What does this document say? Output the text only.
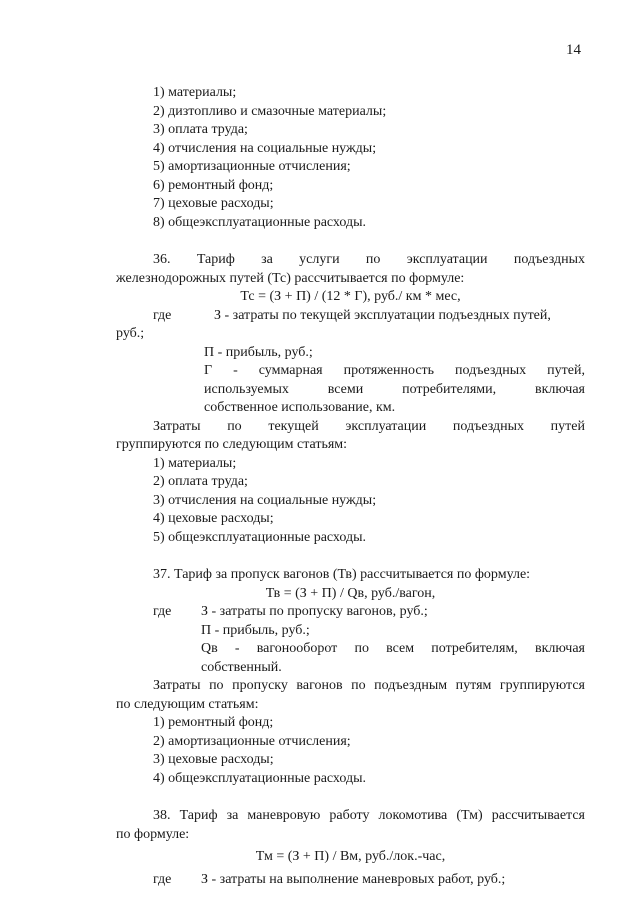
14
1) материалы;
2) дизтопливо и смазочные материалы;
3) оплата труда;
4) отчисления на социальные нужды;
5) амортизационные отчисления;
6) ремонтный фонд;
7) цеховые расходы;
8) общеэксплуатационные расходы.
36. Тариф за услуги по эксплуатации подъездных
железнодорожных путей (Тс) рассчитывается по формуле:
Тс = (З + П) / (12 * Г), руб./ км * мес,
где	З - затраты по текущей эксплуатации подъездных путей,
руб.;
П - прибыль, руб.;
Г - суммарная протяженность подъездных путей,
используемых всеми потребителями, включая
собственное использование, км.
Затраты по текущей эксплуатации подъездных путей
группируются по следующим статьям:
1) материалы;
2) оплата труда;
3) отчисления на социальные нужды;
4) цеховые расходы;
5) общеэксплуатационные расходы.
37. Тариф за пропуск вагонов (Тв) рассчитывается по формуле:
Тв = (З + П) / Qв, руб./вагон,
где	З - затраты по пропуску вагонов, руб.;
П - прибыль, руб.;
Qв - вагонооборот по всем потребителям, включая
собственный.
Затраты по пропуску вагонов по подъездным путям группируются
по следующим статьям:
1) ремонтный фонд;
2) амортизационные отчисления;
3) цеховые расходы;
4) общеэксплуатационные расходы.
38. Тариф за маневровую работу локомотива (Тм) рассчитывается
по формуле:
Тм = (З + П) / Вм, руб./лок.-час,
где	З - затраты на выполнение маневровых работ, руб.;
